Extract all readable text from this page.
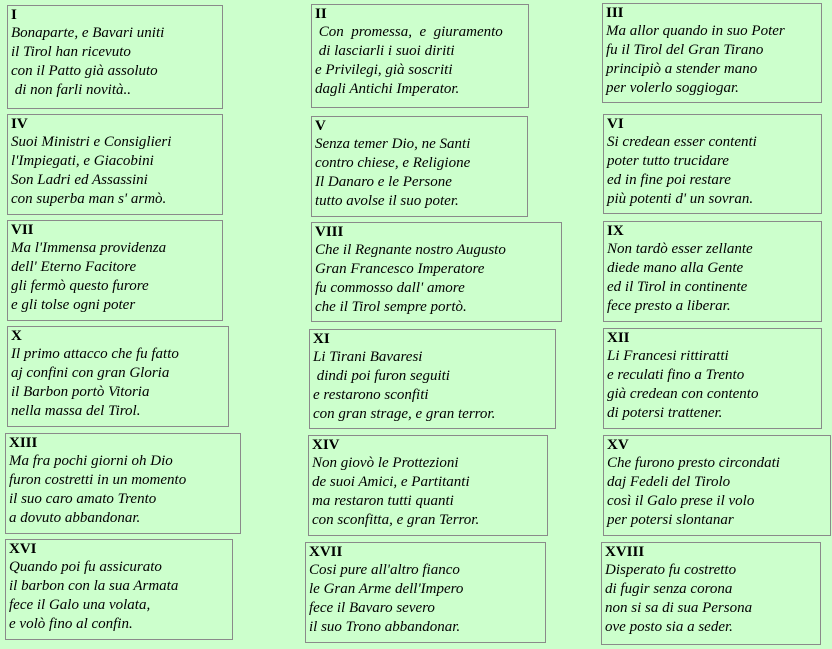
I
Bonaparte, e Bavari uniti
il Tirol han ricevuto
con il Patto già assoluto
di non farli novità..
IV
Suoi Ministri e Consiglieri
l'Impiegati, e Giacobini
Son Ladri ed Assassini
con superba man s' armò.
VII
Ma l'Immensa providenza
dell' Eterno Facitore
gli fermò questo furore
e gli tolse ogni poter
X
Il primo attacco che fu fatto
aj confini con gran Gloria
il Barbon portò Vitoria
nella massa del Tirol.
XIII
Ma fra pochi giorni oh Dio
furon costretti in un momento
il suo caro amato Trento
a dovuto abbandonar.
XVI
Quando poi fu assicurato
il barbon con la sua Armata
fece il Galo una volata,
e volò fino al confin.
II
Con  promessa,  e  giuramento
di lasciarli i suoi diriti
e Privilegi, già soscriti
dagli Antichi Imperator.
V
Senza temer Dio, ne Santi
contro chiese, e Religione
Il Danaro e le Persone
tutto avolse il suo poter.
VIII
Che il Regnante nostro Augusto
Gran Francesco Imperatore
fu commosso dall' amore
che il Tirol sempre portò.
XI
Li Tirani Bavaresi
dindi poi furon seguiti
e restarono sconfiti
con gran strage, e gran terror.
XIV
Non giovò le Prottezioni
de suoi Amici, e Partitanti
ma restaron tutti quanti
con sconfitta, e gran Terror.
XVII
Cosi pure all'altro fianco
le Gran Arme dell'Impero
fece il Bavaro severo
il suo Trono abbandonar.
III
Ma allor quando in suo Poter
fu il Tirol del Gran Tirano
principiò a stender mano
per volerlo soggiogar.
VI
Si credean esser contenti
poter tutto trucidare
ed in fine poi restare
più potenti d' un sovran.
IX
Non tardò esser zellante
diede mano alla Gente
ed il Tirol in continente
fece presto a liberar.
XII
Li Francesi rittiratti
e reculati fino a Trento
già credean con contento
di potersi trattener.
XV
Che furono presto circondati
daj Fedeli del Tirolo
così il Galo prese il volo
per potersi slontanar
XVIII
Disperato fu costretto
di fugir senza corona
non si sa di sua Persona
ove posto sia a seder.
